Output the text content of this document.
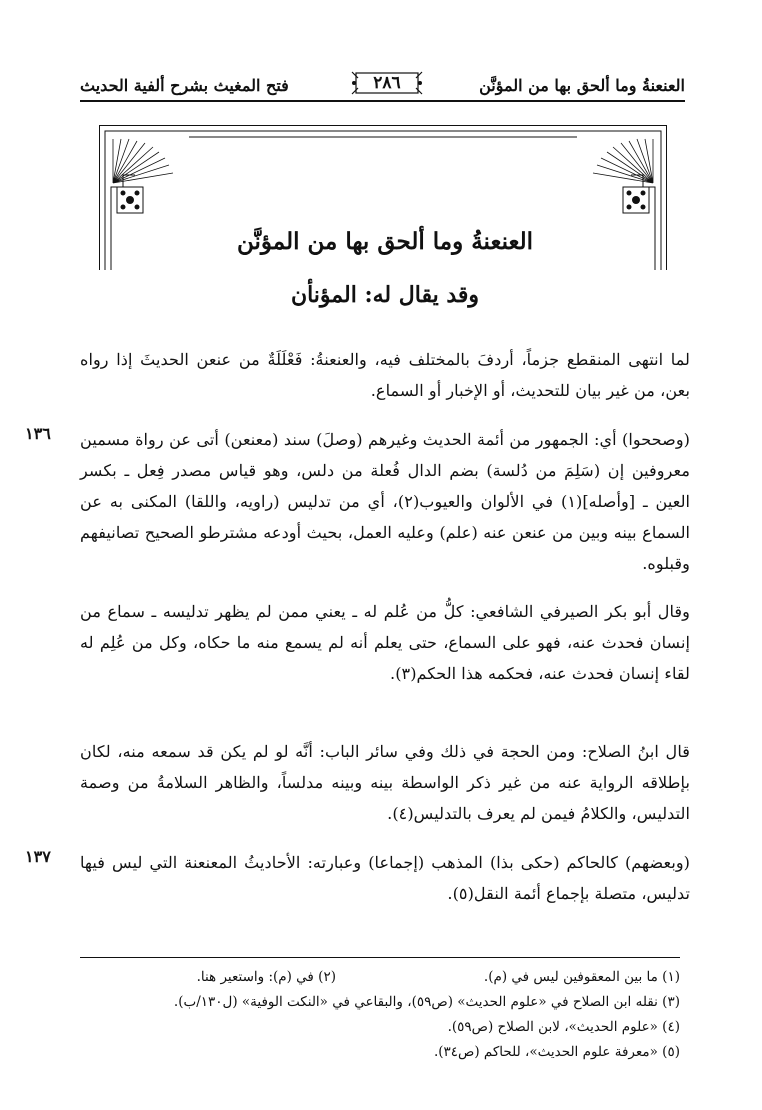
العنعنةُ وما ألحق بها من المؤنَّن
٢٨٦
فتح المغيث بشرح ألفية الحديث
العنعنةُ وما ألحق بها من المؤنَّن
وقد يقال له: المؤنأن
لما انتهى المنقطع جزماً، أردفَ بالمختلف فيه، والعنعنةُ: فَعْلَلَةٌ من عنعن الحديثَ إذا رواه بعن، من غير بيان للتحديث، أو الإخبار أو السماع.
١٣٦ (وصححوا) أي: الجمهور من أئمة الحديث وغيرهم (وصلَ) سند (معنعن) أتى عن رواة مسمين معروفين إن (سَلِمَ من دُلسة) بضم الدال فُعلة من دلس، وهو قياس مصدر فِعل ـ بكسر العين ـ [وأصله](١) في الألوان والعيوب(٢)، أي من تدليس (راويه، واللقا) المكنى به عن السماع بينه وبين من عنعن عنه (علم) وعليه العمل، بحيث أودعه مشترطو الصحيح تصانيفهم وقبلوه.
وقال أبو بكر الصيرفي الشافعي: كلُّ من عُلم له ـ يعني ممن لم يظهر تدليسه ـ سماع من إنسان فحدث عنه، فهو على السماع، حتى يعلم أنه لم يسمع منه ما حكاه، وكل من عُلِم له لقاء إنسان فحدث عنه، فحكمه هذا الحكم(٣).
قال ابنُ الصلاح: ومن الحجة في ذلك وفي سائر الباب: أنَّه لو لم يكن قد سمعه منه، لكان بإطلاقه الرواية عنه من غير ذكر الواسطة بينه وبينه مدلساً، والظاهر السلامةُ من وصمة التدليس، والكلامُ فيمن لم يعرف بالتدليس(٤).
١٣٧ (وبعضهم) كالحاكم (حكى بذا) المذهب (إجماعا) وعبارته: الأحاديثُ المعنعنة التي ليس فيها تدليس، متصلة بإجماع أئمة النقل(٥).
(١) ما بين المعقوفين ليس في (م).
(٢) في (م): واستعير هنا.
(٣) نقله ابن الصلاح في «علوم الحديث» (ص٥٩)، والبقاعي في «النكت الوفية» (ل١٣٠/ب).
(٤) «علوم الحديث»، لابن الصلاح (ص٥٩).
(٥) «معرفة علوم الحديث»، للحاكم (ص٣٤).
